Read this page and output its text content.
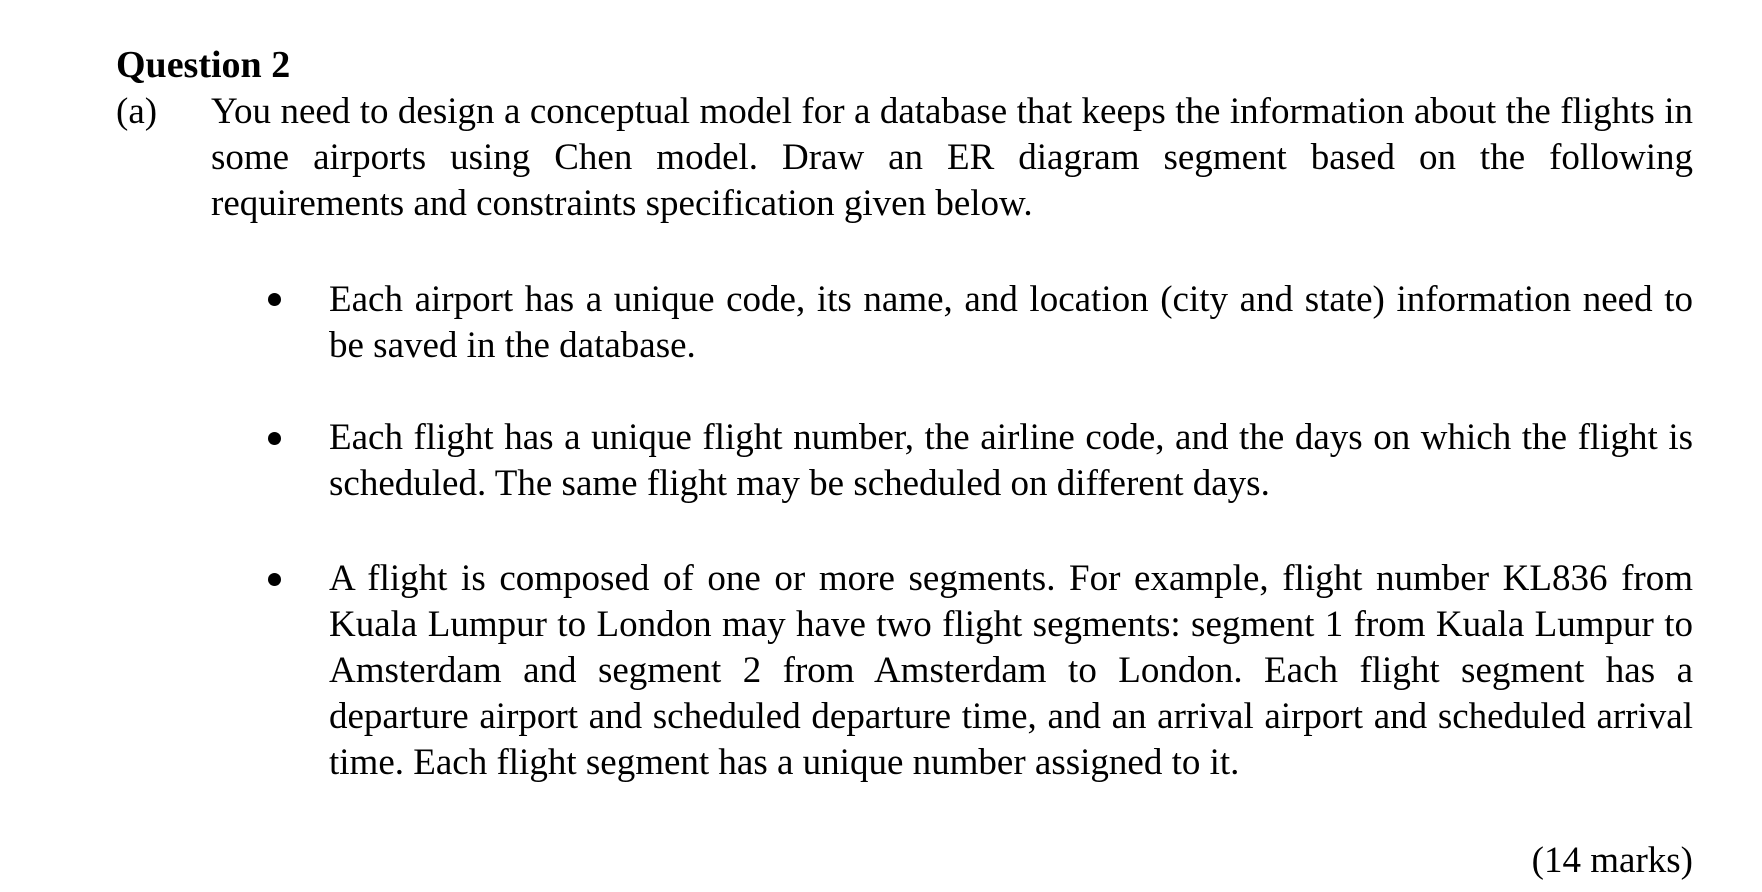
Question 2
(a) You need to design a conceptual model for a database that keeps the information about the flights in some airports using Chen model. Draw an ER diagram segment based on the following requirements and constraints specification given below.
Each airport has a unique code, its name, and location (city and state) information need to be saved in the database.
Each flight has a unique flight number, the airline code, and the days on which the flight is scheduled. The same flight may be scheduled on different days.
A flight is composed of one or more segments. For example, flight number KL836 from Kuala Lumpur to London may have two flight segments: segment 1 from Kuala Lumpur to Amsterdam and segment 2 from Amsterdam to London. Each flight segment has a departure airport and scheduled departure time, and an arrival airport and scheduled arrival time. Each flight segment has a unique number assigned to it.
(14 marks)
